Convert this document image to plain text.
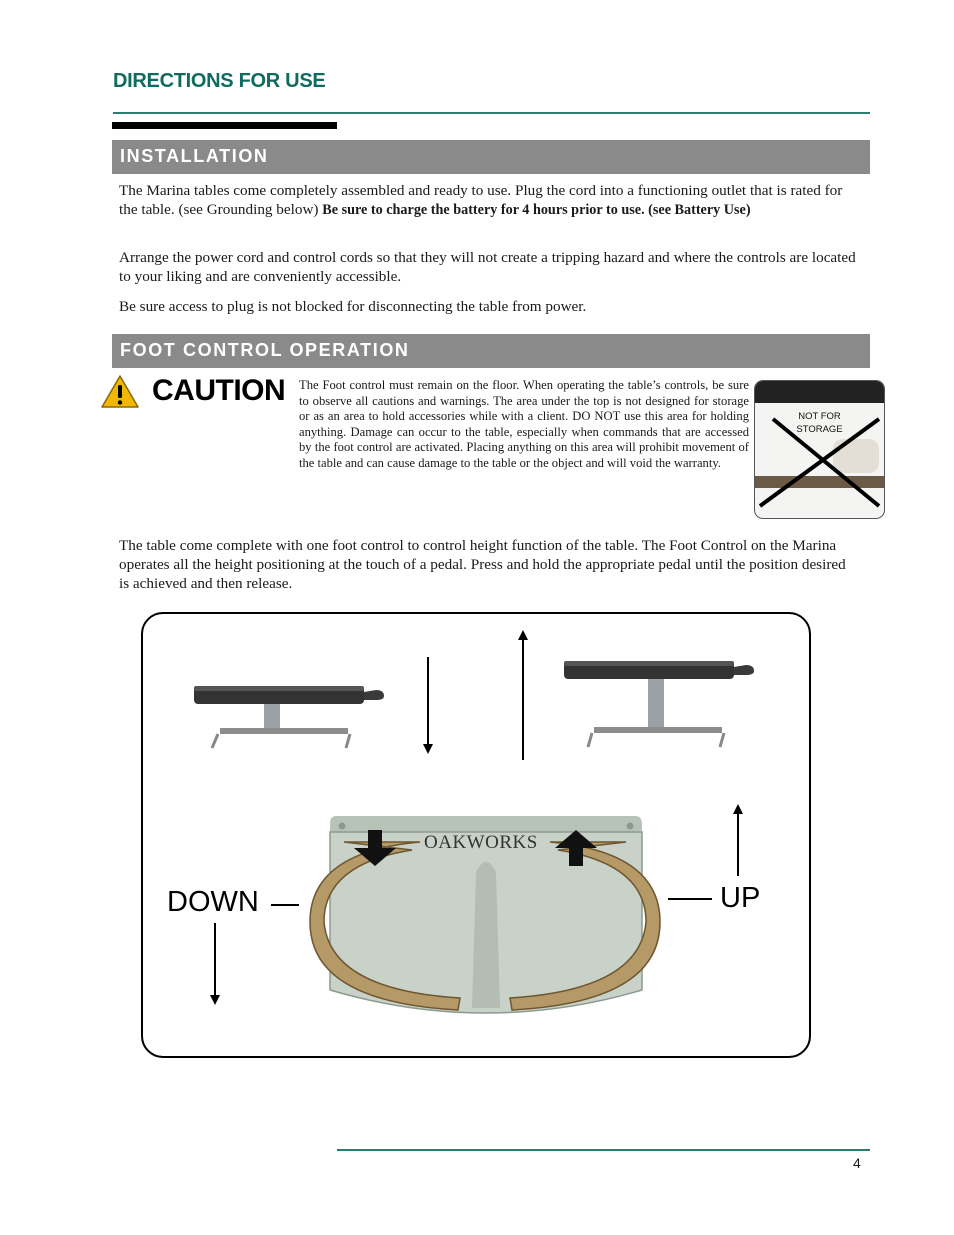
DIRECTIONS FOR USE
INSTALLATION
The Marina tables come completely assembled and ready to use. Plug the cord into a functioning outlet that is rated for the table. (see Grounding below) Be sure to charge the battery for 4 hours prior to use. (see Battery Use)
Arrange the power cord and control cords so that they will not create a tripping hazard and where the controls are located to your liking and are conveniently accessible.
Be sure access to plug is not blocked for disconnecting the table from power.
FOOT CONTROL OPERATION
CAUTION The Foot control must remain on the floor. When operating the table’s controls, be sure to observe all cautions and warnings. The area under the top is not designed for storage or as an area to hold accessories while with a client. DO NOT use this area for holding anything. Damage can occur to the table, especially when commands that are accessed by the foot control are activated. Placing anything on this area will prohibit movement of the table and can cause damage to the table or the object and will void the warranty.
NOT FOR
STORAGE
The table come complete with one foot control to control height function of the table. The Foot Control on the Marina operates all the height positioning at the touch of a pedal. Press and hold the appropriate pedal until the position desired is achieved and then release.
OAKWORKS
DOWN	UP
4
